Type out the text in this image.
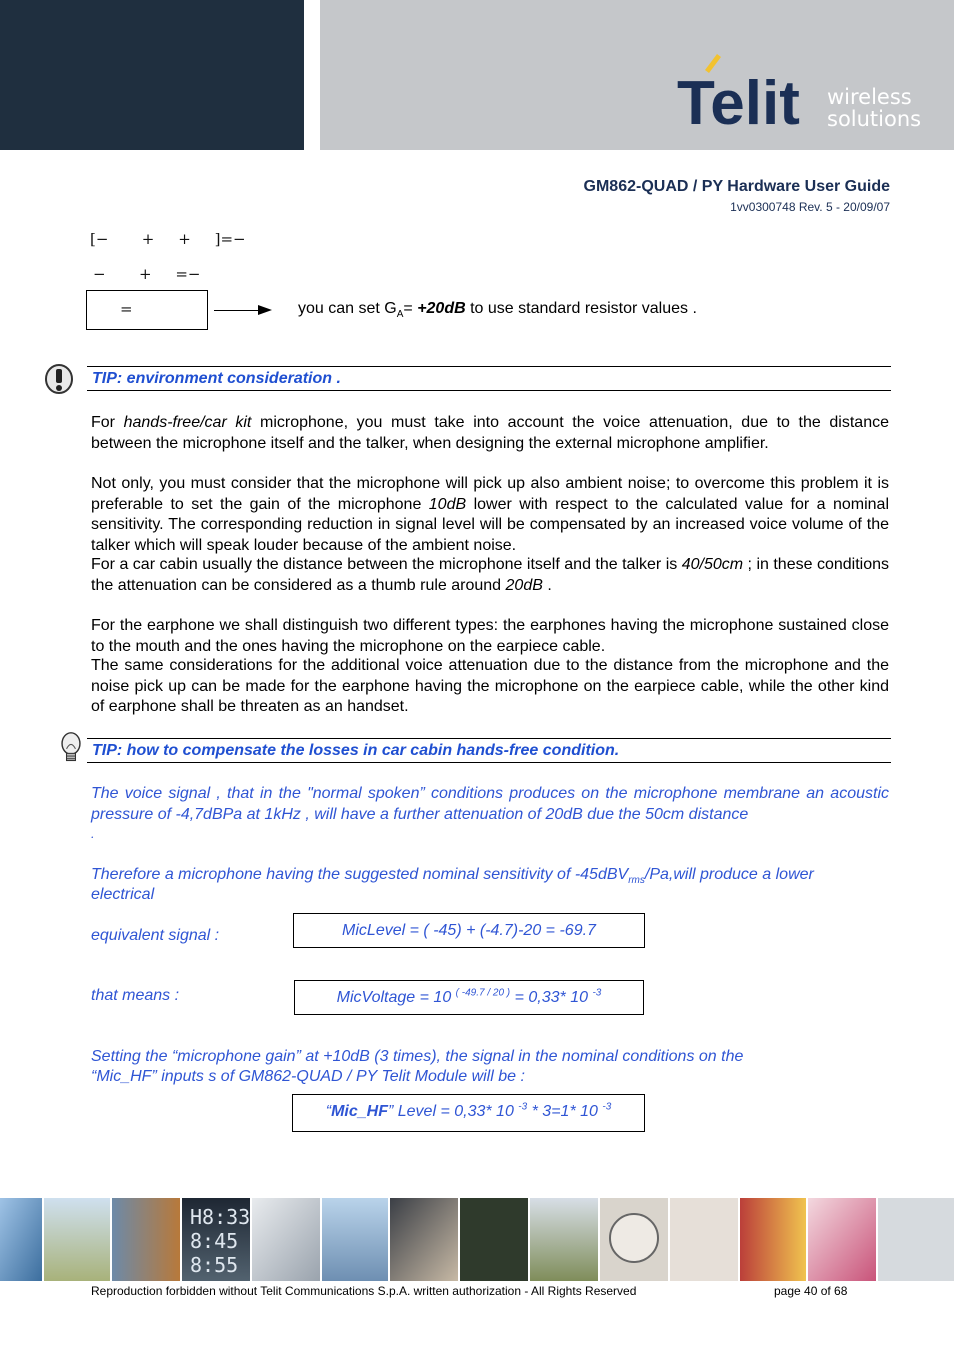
Telit wireless
solutions
GM862-QUAD / PY Hardware User Guide
1vv0300748 Rev. 5 - 20/09/07
[−       +     +     ]=−
−       +     =−
=	you can set $G_A= +20dB$ to use standard resistor values .
TIP: environment consideration .
For hands-free/car kit microphone, you must take into account the voice attenuation, due to the distance between the microphone itself and the talker, when designing the external microphone amplifier.
Not only, you must consider that the microphone will pick up also ambient noise; to overcome this problem it is preferable to set the gain of the microphone 10dB lower with respect to the calculated value for a nominal sensitivity. The corresponding reduction in signal level will be compensated by an increased voice volume of the talker which will speak louder because of the ambient noise.
For a car cabin usually the distance between the microphone itself and the talker is 40/50cm ; in these conditions the attenuation can be considered as a thumb rule around 20dB .
For the earphone we shall distinguish two different types: the earphones having the microphone sustained close to the mouth and the ones having the microphone on the earpiece cable.
The same considerations for the additional voice attenuation due to the distance from the microphone and the noise pick up can be made for the earphone having the microphone on the earpiece cable, while the other kind of earphone shall be threaten as an handset.
TIP: how to compensate the losses in car cabin hands-free condition.
The voice signal , that in the "normal spoken” conditions produces on the microphone membrane an acoustic pressure of -4,7dBPa at 1kHz , will have a further attenuation of 20dB due the 50cm distance
.
Therefore a microphone having the suggested nominal sensitivity of -45dBV$_{rms}$/Pa,will produce a lower
electrical
equivalent signal :	MicLevel = ( -45) + (-4.7)-20 = -69.7
that means :	MicVoltage = 10 $^{( -49.7 / 20 )}$ = 0,33* 10 $^{-3}$
Setting the “microphone gain” at +10dB (3 times), the signal in the nominal conditions on the
“Mic_HF” inputs s of GM862-QUAD / PY Telit Module will be :
“Mic_HF” Level = 0,33* 10 $^{-3}$ * 3=1* 10 $^{-3}$
H8:33
8:45
8:55
Reproduction forbidden without Telit Communications S.p.A. written authorization - All Rights Reserved	page 40 of 68
